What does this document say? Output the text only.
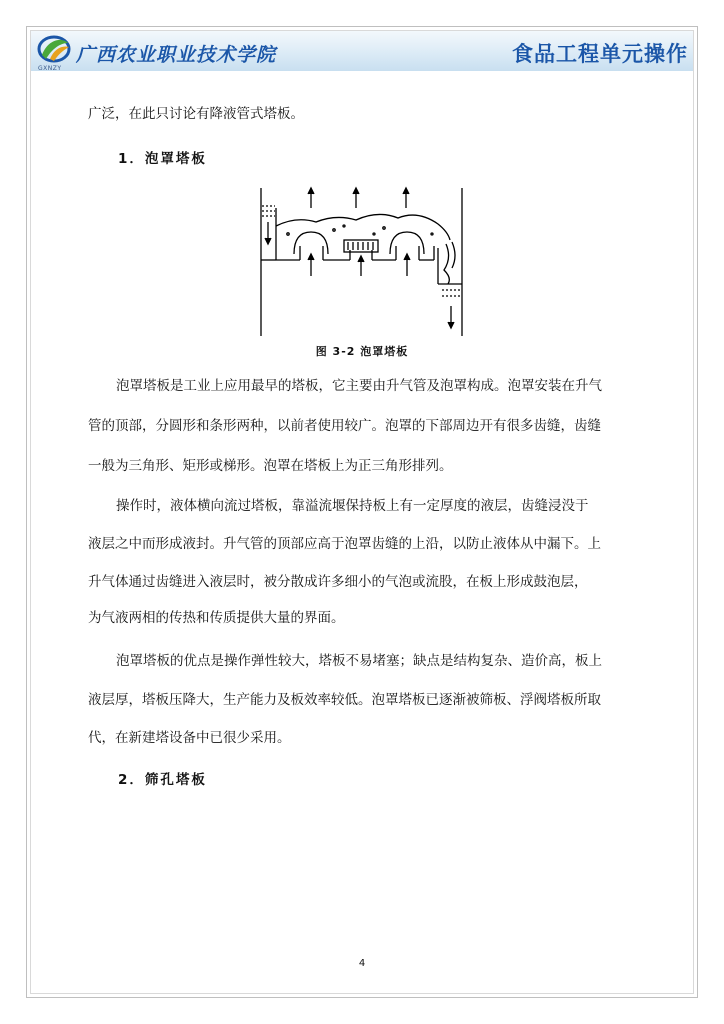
GXNZY
广西农业职业技术学院	食品工程单元操作
广泛，在此只讨论有降液管式塔板。
1．泡罩塔板
图 3-2 泡罩塔板
泡罩塔板是工业上应用最早的塔板，它主要由升气管及泡罩构成。泡罩安装在升气
管的顶部，分圆形和条形两种，以前者使用较广。泡罩的下部周边开有很多齿缝，齿缝
一般为三角形、矩形或梯形。泡罩在塔板上为正三角形排列。
操作时，液体横向流过塔板，靠溢流堰保持板上有一定厚度的液层，齿缝浸没于
液层之中而形成液封。升气管的顶部应高于泡罩齿缝的上沿，以防止液体从中漏下。上
升气体通过齿缝进入液层时，被分散成许多细小的气泡或流股，在板上形成鼓泡层，
为气液两相的传热和传质提供大量的界面。
泡罩塔板的优点是操作弹性较大，塔板不易堵塞；缺点是结构复杂、造价高，板上
液层厚，塔板压降大，生产能力及板效率较低。泡罩塔板已逐渐被筛板、浮阀塔板所取
代，在新建塔设备中已很少采用。
2．筛孔塔板
4
